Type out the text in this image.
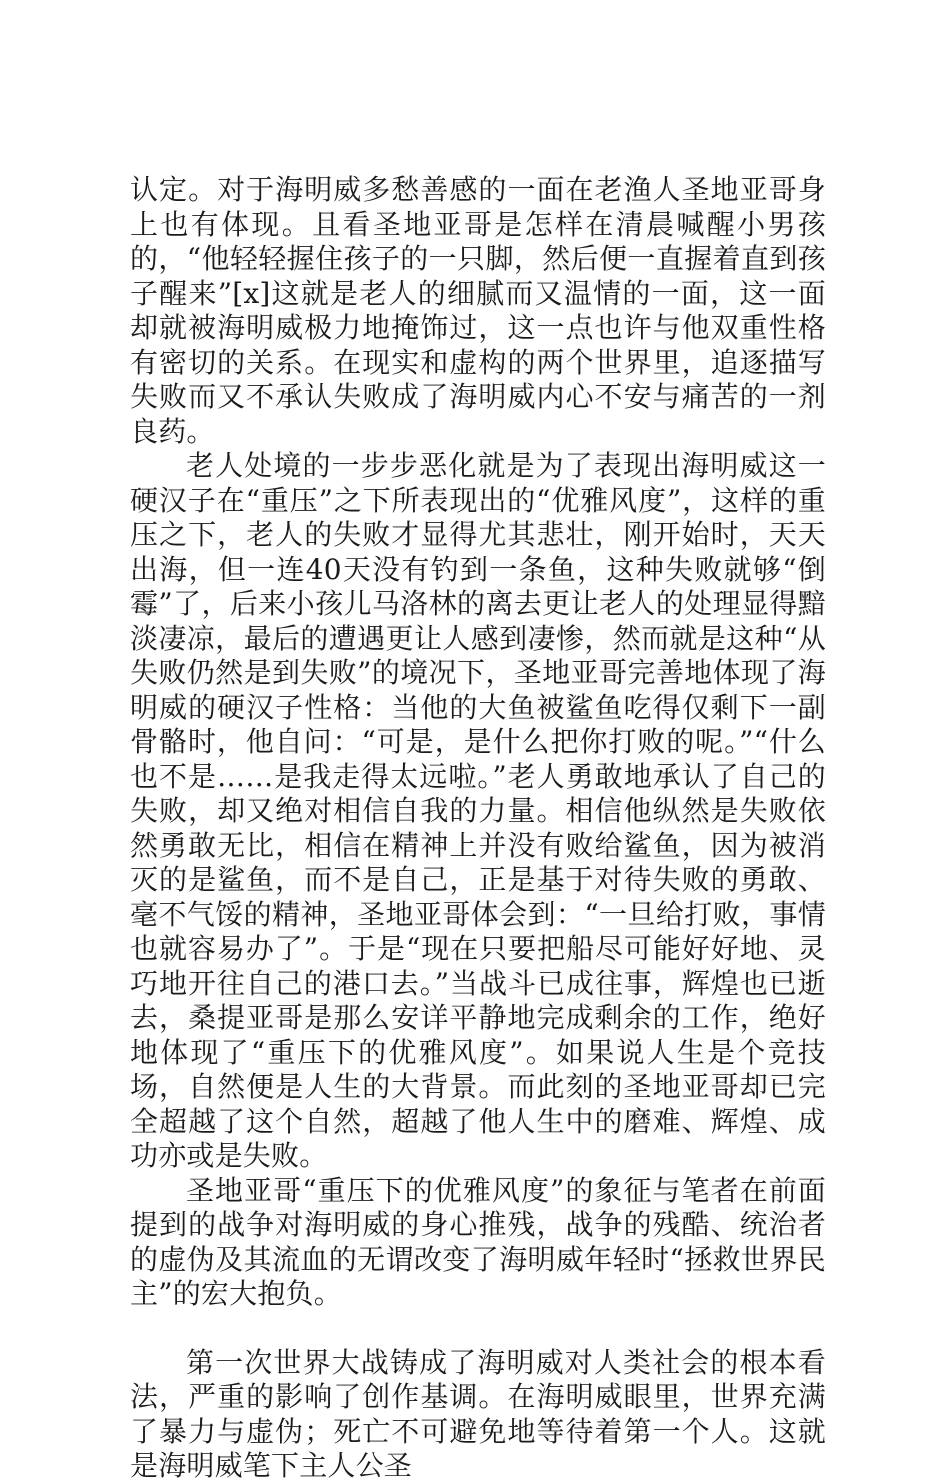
认定。对于海明威多愁善感的一面在老渔人圣地亚哥身上也有体现。且看圣地亚哥是怎样在清晨喊醒小男孩的，“他轻轻握住孩子的一只脚，然后便一直握着直到孩子醒来”[x]这就是老人的细腻而又温情的一面，这一面却就被海明威极力地掩饰过，这一点也许与他双重性格有密切的关系。在现实和虚构的两个世界里，追逐描写失败而又不承认失败成了海明威内心不安与痛苦的一剂良药。

老人处境的一步步恶化就是为了表现出海明威这一硬汉子在“重压”之下所表现出的“优雅风度”，这样的重压之下，老人的失败才显得尤其悲壮，刚开始时，天天出海，但一连40天没有钓到一条鱼，这种失败就够“倒霉”了，后来小孩儿马洛林的离去更让老人的处理显得黯淡凄凉，最后的遭遇更让人感到凄惨，然而就是这种“从失败仍然是到失败”的境况下，圣地亚哥完善地体现了海明威的硬汉子性格：当他的大鱼被鲨鱼吃得仅剩下一副骨骼时，他自问：“可是，是什么把你打败的呢。”“什么也不是……是我走得太远啦。”老人勇敢地承认了自己的失败，却又绝对相信自我的力量。相信他纵然是失败依然勇敢无比，相信在精神上并没有败给鲨鱼，因为被消灭的是鲨鱼，而不是自己，正是基于对待失败的勇敢、毫不气馁的精神，圣地亚哥体会到：“一旦给打败，事情也就容易办了”。于是“现在只要把船尽可能好好地、灵巧地开往自己的港口去。”当战斗已成往事，辉煌也已逝去，桑提亚哥是那么安详平静地完成剩余的工作，绝好地体现了“重压下的优雅风度”。如果说人生是个竞技场，自然便是人生的大背景。而此刻的圣地亚哥却已完全超越了这个自然，超越了他人生中的磨难、辉煌、成功亦或是失败。

圣地亚哥“重压下的优雅风度”的象征与笔者在前面提到的战争对海明威的身心推残，战争的残酷、统治者的虚伪及其流血的无谓改变了海明威年轻时“拯救世界民主”的宏大抱负。

第一次世界大战铸成了海明威对人类社会的根本看法，严重的影响了创作基调。在海明威眼里，世界充满了暴力与虚伪；死亡不可避免地等待着第一个人。这就是海明威笔下主人公圣
